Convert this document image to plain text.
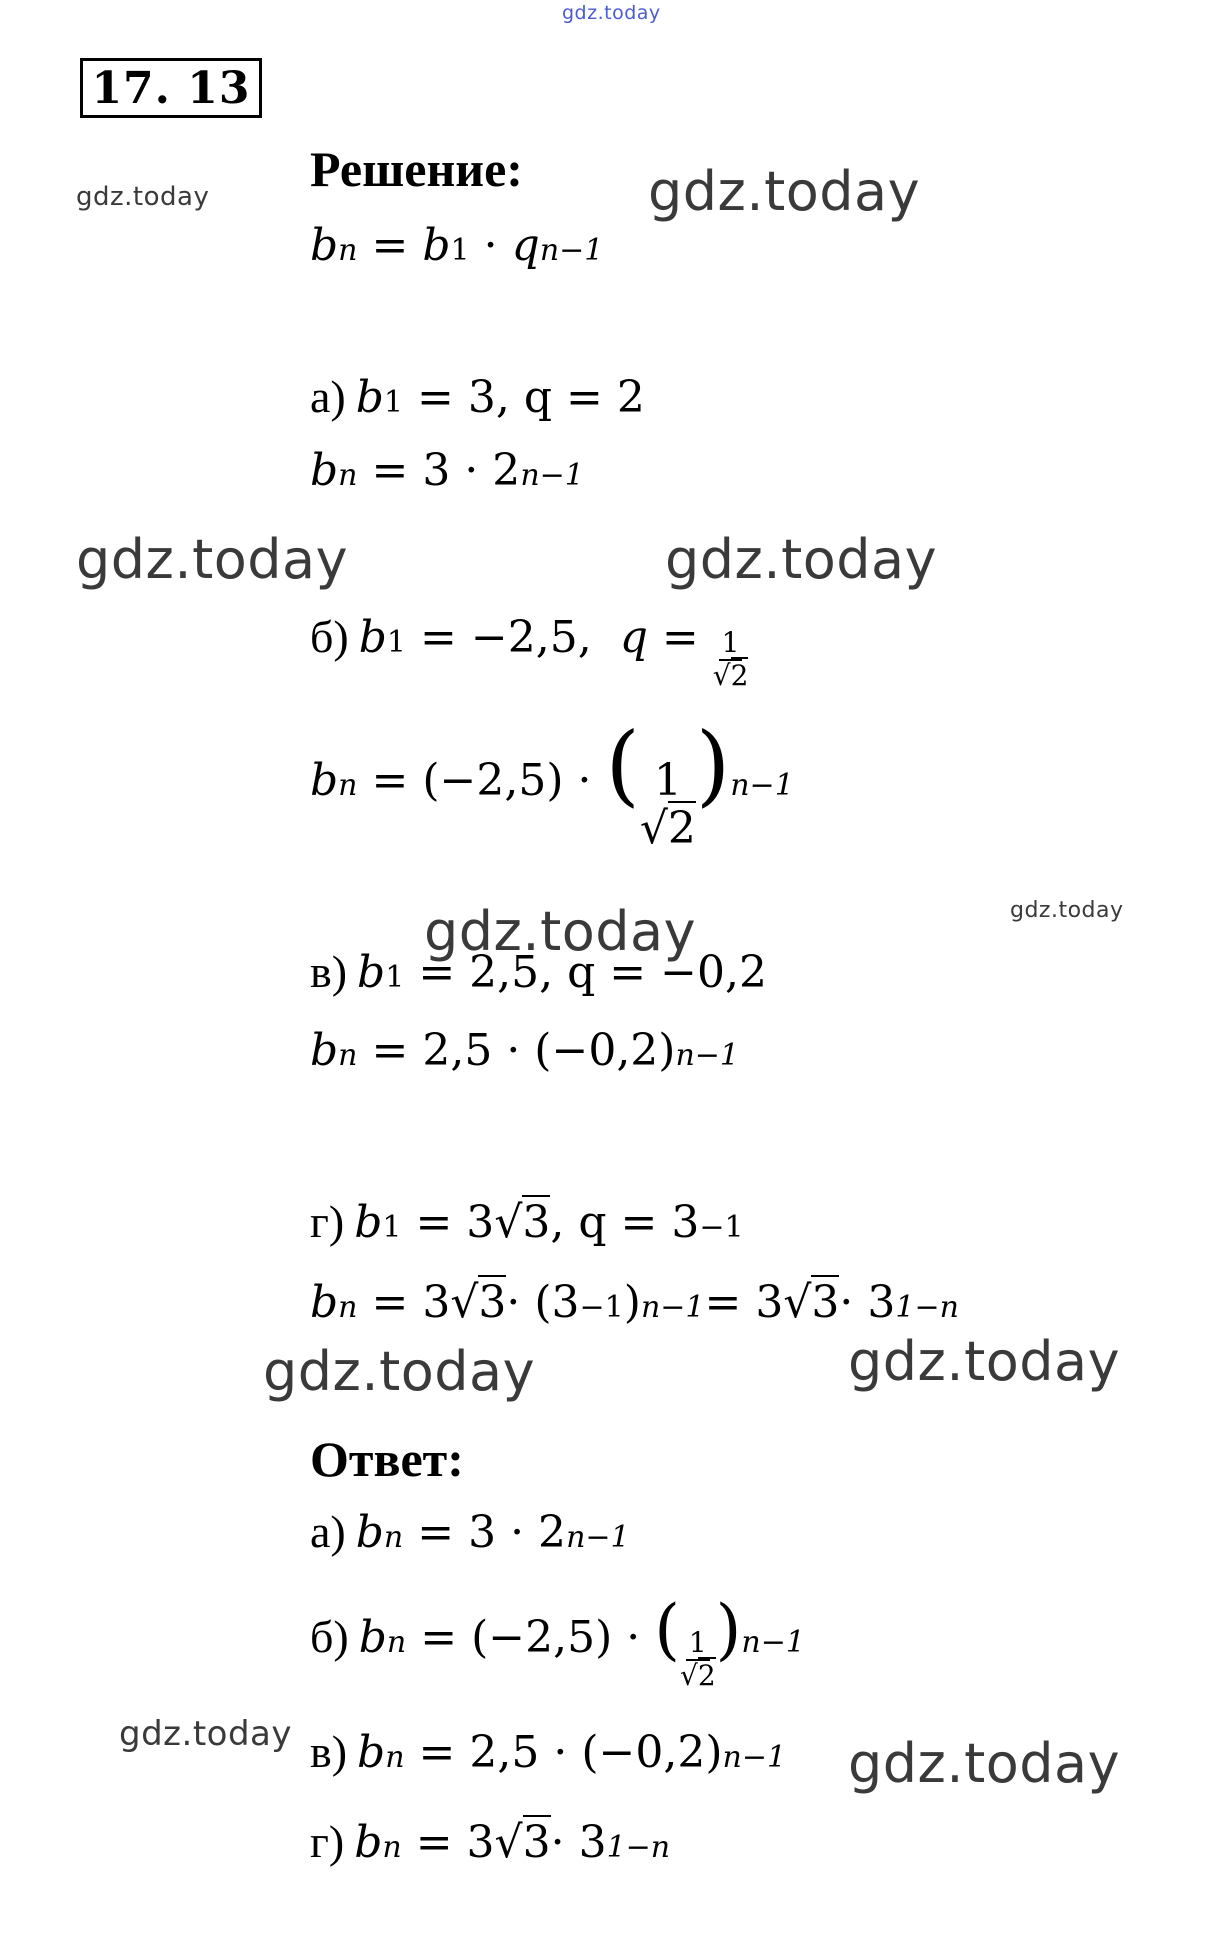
gdz.today
gdz.today	gdz.today
gdz.today	gdz.today
gdz.today	gdz.today
gdz.today	gdz.today
gdz.today	gdz.today
17. 13
Решение:
b n = b 1 · q n−1
а) b 1 = 3, q = 2
b n = 3 · 2 n−1
б) b 1 = −2,5, $q = \frac{1}{√2}$
b n = (−2,5) · ( 1
√2
) n−1
в) b 1 = 2,5, q = −0,2
b n = 2,5 · (−0,2) n−1
г) b 1 = 3 √ 3 , q = 3 −1
b n = 3 √ 3 · (3 −1 ) n−1 = 3 √ 3 · 3 1−n
Ответ:
а) b n = 3 · 2 n−1
б) b n = (−2,5) · ( $\frac{1}{√2}$ ) n−1
в) b n = 2,5 · (−0,2) n−1
г) b n = 3 √ 3 · 3 1−n
